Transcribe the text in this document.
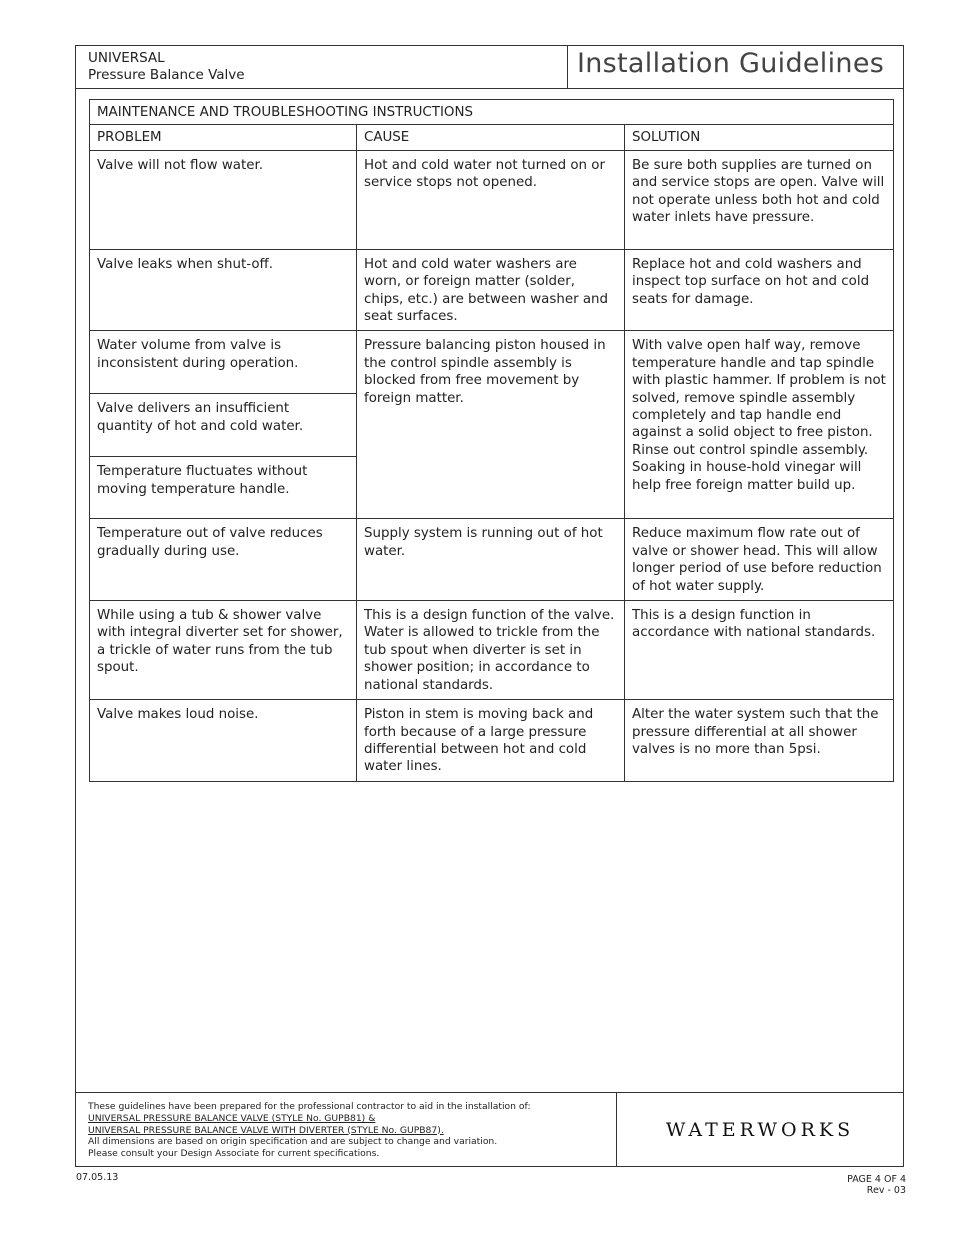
UNIVERSAL
Pressure Balance Valve	Installation Guidelines
These guidelines have been prepared for the professional contractor to aid in the installation of:
UNIVERSAL PRESSURE BALANCE VALVE (STYLE No. GUPB81) &
UNIVERSAL PRESSURE BALANCE VALVE WITH DIVERTER (STYLE No. GUPB87).
All dimensions are based on origin specification and are subject to change and variation.
Please consult your Design Associate for current specifications.
WATERWORKS
MAINTENANCE AND TROUBLESHOOTING INSTRUCTIONS		
PROBLEM	CAUSE	SOLUTION
Valve will not flow water.	Hot and cold water not turned on or service stops not opened.	Be sure both supplies are turned on and service stops are open. Valve will not operate unless both hot and cold water inlets have pressure.
Valve leaks when shut-off.	Hot and cold water washers are worn, or foreign matter (solder, chips, etc.) are between washer and seat surfaces.	Replace hot and cold washers and inspect top surface on hot and cold seats for damage.
Water volume from valve is inconsistent during operation.	Pressure balancing piston housed in the control spindle assembly is blocked from free movement by foreign matter.	With valve open half way, remove temperature handle and tap spindle with plastic hammer. If problem is not solved, remove spindle assembly completely and tap handle end against a solid object to free piston. Rinse out control spindle assembly. Soaking in house-hold vinegar will help free foreign matter build up.
Valve delivers an insufficient quantity of hot and cold water.		
Temperature fluctuates without moving temperature handle.		
Temperature out of valve reduces gradually during use.	Supply system is running out of hot water.	Reduce maximum flow rate out of valve or shower head. This will allow longer period of use before reduction of hot water supply.
While using a tub & shower valve with integral diverter set for shower, a trickle of water runs from the tub spout.	This is a design function of the valve. Water is allowed to trickle from the tub spout when diverter is set in shower position; in accordance to national standards.	This is a design function in accordance with national standards.
Valve makes loud noise.	Piston in stem is moving back and forth because of a large pressure differential between hot and cold water lines.	Alter the water system such that the pressure differential at all shower valves is no more than 5psi.
07.05.13	PAGE 4 OF 4
Rev - 03
